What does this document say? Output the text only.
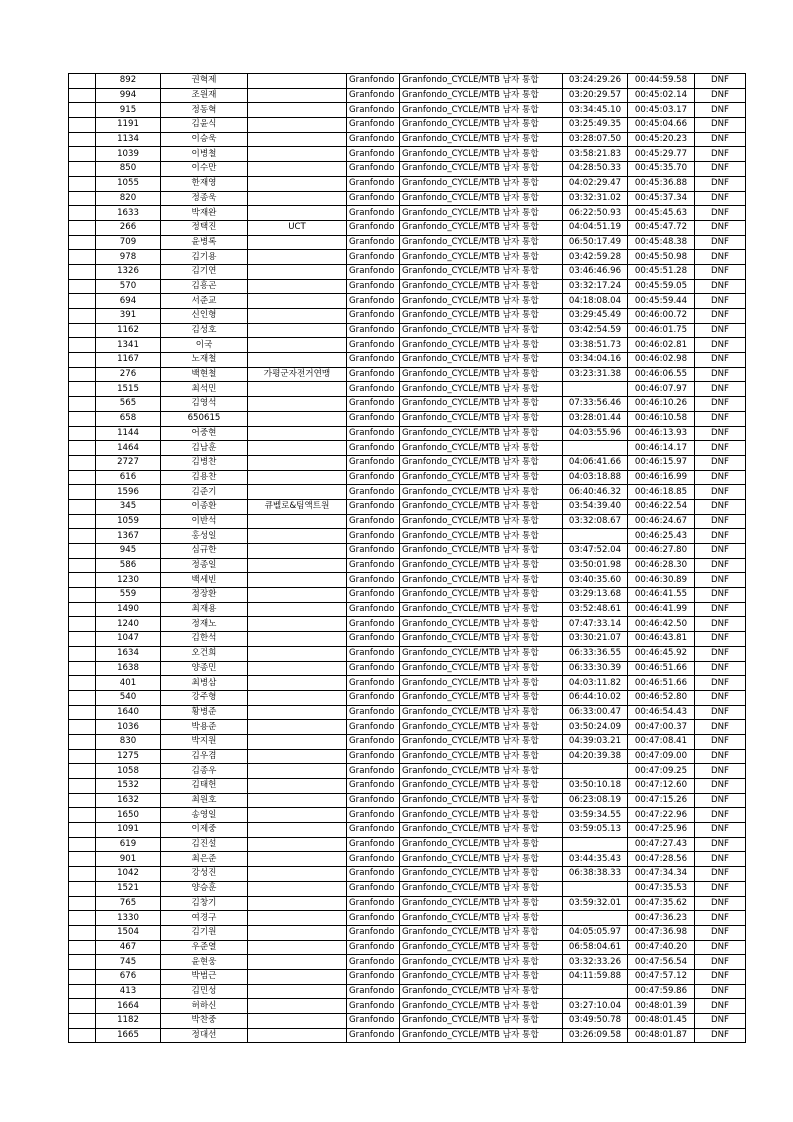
	892	권혁제		Granfondo	Granfondo_CYCLE/MTB 남자 통합	03:24:29.26	00:44:59.58	DNF
	994	조원재		Granfondo	Granfondo_CYCLE/MTB 남자 통합	03:20:29.57	00:45:02.14	DNF
	915	정동혁		Granfondo	Granfondo_CYCLE/MTB 남자 통합	03:34:45.10	00:45:03.17	DNF
	1191	김윤식		Granfondo	Granfondo_CYCLE/MTB 남자 통합	03:25:49.35	00:45:04.66	DNF
	1134	이승욱		Granfondo	Granfondo_CYCLE/MTB 남자 통합	03:28:07.50	00:45:20.23	DNF
	1039	이병철		Granfondo	Granfondo_CYCLE/MTB 남자 통합	03:58:21.83	00:45:29.77	DNF
	850	이수만		Granfondo	Granfondo_CYCLE/MTB 남자 통합	04:28:50.33	00:45:35.70	DNF
	1055	한재영		Granfondo	Granfondo_CYCLE/MTB 남자 통합	04:02:29.47	00:45:36.88	DNF
	820	정종욱		Granfondo	Granfondo_CYCLE/MTB 남자 통합	03:32:31.02	00:45:37.34	DNF
	1633	박재완		Granfondo	Granfondo_CYCLE/MTB 남자 통합	06:22:50.93	00:45:45.63	DNF
	266	정택진	UCT	Granfondo	Granfondo_CYCLE/MTB 남자 통합	04:04:51.19	00:45:47.72	DNF
	709	윤병록		Granfondo	Granfondo_CYCLE/MTB 남자 통합	06:50:17.49	00:45:48.38	DNF
	978	김기용		Granfondo	Granfondo_CYCLE/MTB 남자 통합	03:42:59.28	00:45:50.98	DNF
	1326	김기연		Granfondo	Granfondo_CYCLE/MTB 남자 통합	03:46:46.96	00:45:51.28	DNF
	570	김흥곤		Granfondo	Granfondo_CYCLE/MTB 남자 통합	03:32:17.24	00:45:59.05	DNF
	694	서준교		Granfondo	Granfondo_CYCLE/MTB 남자 통합	04:18:08.04	00:45:59.44	DNF
	391	신인형		Granfondo	Granfondo_CYCLE/MTB 남자 통합	03:29:45.49	00:46:00.72	DNF
	1162	김성호		Granfondo	Granfondo_CYCLE/MTB 남자 통합	03:42:54.59	00:46:01.75	DNF
	1341	이국		Granfondo	Granfondo_CYCLE/MTB 남자 통합	03:38:51.73	00:46:02.81	DNF
	1167	노재철		Granfondo	Granfondo_CYCLE/MTB 남자 통합	03:34:04.16	00:46:02.98	DNF
	276	백현철	가평군자전거연맹	Granfondo	Granfondo_CYCLE/MTB 남자 통합	03:23:31.38	00:46:06.55	DNF
	1515	최석민		Granfondo	Granfondo_CYCLE/MTB 남자 통합		00:46:07.97	DNF
	565	김영석		Granfondo	Granfondo_CYCLE/MTB 남자 통합	07:33:56.46	00:46:10.26	DNF
	658	650615		Granfondo	Granfondo_CYCLE/MTB 남자 통합	03:28:01.44	00:46:10.58	DNF
	1144	어중현		Granfondo	Granfondo_CYCLE/MTB 남자 통합	04:03:55.96	00:46:13.93	DNF
	1464	김남훈		Granfondo	Granfondo_CYCLE/MTB 남자 통합		00:46:14.17	DNF
	2727	김병찬		Granfondo	Granfondo_CYCLE/MTB 남자 통합	04:06:41.66	00:46:15.97	DNF
	616	김용찬		Granfondo	Granfondo_CYCLE/MTB 남자 통합	04:03:18.88	00:46:16.99	DNF
	1596	김준기		Granfondo	Granfondo_CYCLE/MTB 남자 통합	06:40:46.32	00:46:18.85	DNF
	345	이종환	큐벨로&팀액트원	Granfondo	Granfondo_CYCLE/MTB 남자 통합	03:54:39.40	00:46:22.54	DNF
	1059	이반석		Granfondo	Granfondo_CYCLE/MTB 남자 통합	03:32:08.67	00:46:24.67	DNF
	1367	홍성일		Granfondo	Granfondo_CYCLE/MTB 남자 통합		00:46:25.43	DNF
	945	심규한		Granfondo	Granfondo_CYCLE/MTB 남자 통합	03:47:52.04	00:46:27.80	DNF
	586	정종일		Granfondo	Granfondo_CYCLE/MTB 남자 통합	03:50:01.98	00:46:28.30	DNF
	1230	백세빈		Granfondo	Granfondo_CYCLE/MTB 남자 통합	03:40:35.60	00:46:30.89	DNF
	559	정장환		Granfondo	Granfondo_CYCLE/MTB 남자 통합	03:29:13.68	00:46:41.55	DNF
	1490	최재용		Granfondo	Granfondo_CYCLE/MTB 남자 통합	03:52:48.61	00:46:41.99	DNF
	1240	정재노		Granfondo	Granfondo_CYCLE/MTB 남자 통합	07:47:33.14	00:46:42.50	DNF
	1047	김한석		Granfondo	Granfondo_CYCLE/MTB 남자 통합	03:30:21.07	00:46:43.81	DNF
	1634	오건희		Granfondo	Granfondo_CYCLE/MTB 남자 통합	06:33:36.55	00:46:45.92	DNF
	1638	양종민		Granfondo	Granfondo_CYCLE/MTB 남자 통합	06:33:30.39	00:46:51.66	DNF
	401	최병삼		Granfondo	Granfondo_CYCLE/MTB 남자 통합	04:03:11.82	00:46:51.66	DNF
	540	강주형		Granfondo	Granfondo_CYCLE/MTB 남자 통합	06:44:10.02	00:46:52.80	DNF
	1640	황병준		Granfondo	Granfondo_CYCLE/MTB 남자 통합	06:33:00.47	00:46:54.43	DNF
	1036	박용준		Granfondo	Granfondo_CYCLE/MTB 남자 통합	03:50:24.09	00:47:00.37	DNF
	830	박지원		Granfondo	Granfondo_CYCLE/MTB 남자 통합	04:39:03.21	00:47:08.41	DNF
	1275	김우겸		Granfondo	Granfondo_CYCLE/MTB 남자 통합	04:20:39.38	00:47:09.00	DNF
	1058	김종우		Granfondo	Granfondo_CYCLE/MTB 남자 통합		00:47:09.25	DNF
	1532	김태헌		Granfondo	Granfondo_CYCLE/MTB 남자 통합	03:50:10.18	00:47:12.60	DNF
	1632	최원호		Granfondo	Granfondo_CYCLE/MTB 남자 통합	06:23:08.19	00:47:15.26	DNF
	1650	송영일		Granfondo	Granfondo_CYCLE/MTB 남자 통합	03:59:34.55	00:47:22.96	DNF
	1091	이제중		Granfondo	Granfondo_CYCLE/MTB 남자 통합	03:59:05.13	00:47:25.96	DNF
	619	김진설		Granfondo	Granfondo_CYCLE/MTB 남자 통합		00:47:27.43	DNF
	901	최은준		Granfondo	Granfondo_CYCLE/MTB 남자 통합	03:44:35.43	00:47:28.56	DNF
	1042	강성진		Granfondo	Granfondo_CYCLE/MTB 남자 통합	06:38:38.33	00:47:34.34	DNF
	1521	양승훈		Granfondo	Granfondo_CYCLE/MTB 남자 통합		00:47:35.53	DNF
	765	김창기		Granfondo	Granfondo_CYCLE/MTB 남자 통합	03:59:32.01	00:47:35.62	DNF
	1330	여경구		Granfondo	Granfondo_CYCLE/MTB 남자 통합		00:47:36.23	DNF
	1504	김기원		Granfondo	Granfondo_CYCLE/MTB 남자 통합	04:05:05.97	00:47:36.98	DNF
	467	우준열		Granfondo	Granfondo_CYCLE/MTB 남자 통합	06:58:04.61	00:47:40.20	DNF
	745	윤현웅		Granfondo	Granfondo_CYCLE/MTB 남자 통합	03:32:33.26	00:47:56.54	DNF
	676	박범근		Granfondo	Granfondo_CYCLE/MTB 남자 통합	04:11:59.88	00:47:57.12	DNF
	413	김민성		Granfondo	Granfondo_CYCLE/MTB 남자 통합		00:47:59.86	DNF
	1664	허하신		Granfondo	Granfondo_CYCLE/MTB 남자 통합	03:27:10.04	00:48:01.39	DNF
	1182	박찬중		Granfondo	Granfondo_CYCLE/MTB 남자 통합	03:49:50.78	00:48:01.45	DNF
	1665	정대선		Granfondo	Granfondo_CYCLE/MTB 남자 통합	03:26:09.58	00:48:01.87	DNF
